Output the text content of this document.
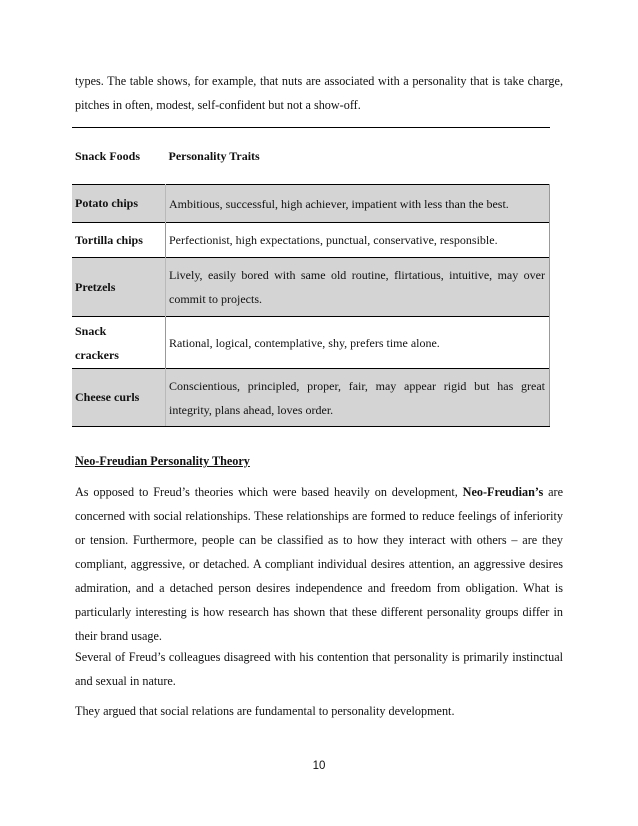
types. The table shows, for example, that nuts are associated with a personality that is take charge, pitches in often, modest, self-confident but not a show-off.

Snack Foods	Personality Traits
Potato chips	Ambitious, successful, high achiever, impatient with less than the best.
Tortilla chips	Perfectionist, high expectations, punctual, conservative, responsible.
Pretzels	Lively, easily bored with same old routine, flirtatious, intuitive, may over commit to projects.
Snack crackers	Rational, logical, contemplative, shy, prefers time alone.
Cheese curls	Conscientious, principled, proper, fair, may appear rigid but has great integrity, plans ahead, loves order.

Neo-Freudian Personality Theory

As opposed to Freud’s theories which were based heavily on development, Neo-Freudian’s are concerned with social relationships. These relationships are formed to reduce feelings of inferiority or tension. Furthermore, people can be classified as to how they interact with others – are they compliant, aggressive, or detached. A compliant individual desires attention, an aggressive desires admiration, and a detached person desires independence and freedom from obligation. What is particularly interesting is how research has shown that these different personality groups differ in their brand usage.

Several of Freud’s colleagues disagreed with his contention that personality is primarily instinctual and sexual in nature.

They argued that social relations are fundamental to personality development.

10
